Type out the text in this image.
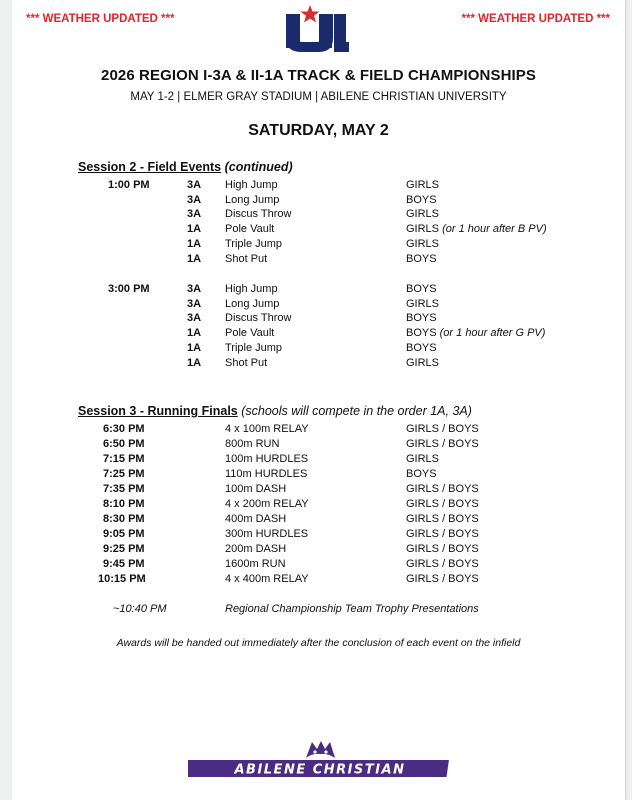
*** WEATHER UPDATED ***	*** WEATHER UPDATED ***
2026 REGION I-3A & II-1A TRACK & FIELD CHAMPIONSHIPS
MAY 1-2 | ELMER GRAY STADIUM | ABILENE CHRISTIAN UNIVERSITY
SATURDAY, MAY 2
Session 2 - Field Events (continued)
1:00 PM	3A High Jump	GIRLS
3A Long Jump	BOYS
3A Discus Throw	GIRLS
1A Pole Vault	GIRLS (or 1 hour after B PV)
1A Triple Jump	GIRLS
1A Shot Put	BOYS
3:00 PM	3A High Jump	BOYS
3A Long Jump	GIRLS
3A Discus Throw	BOYS
1A Pole Vault	BOYS (or 1 hour after G PV)
1A Triple Jump	BOYS
1A Shot Put	GIRLS
Session 3 - Running Finals (schools will compete in the order 1A, 3A)
6:30 PM	4 x 100m RELAY	GIRLS / BOYS
6:50 PM	800m RUN	GIRLS / BOYS
7:15 PM	100m HURDLES	GIRLS
7:25 PM	110m HURDLES	BOYS
7:35 PM	100m DASH	GIRLS / BOYS
8:10 PM	4 x 200m RELAY	GIRLS / BOYS
8:30 PM	400m DASH	GIRLS / BOYS
9:05 PM	300m HURDLES	GIRLS / BOYS
9:25 PM	200m DASH	GIRLS / BOYS
9:45 PM	1600m RUN	GIRLS / BOYS
10:15 PM	4 x 400m RELAY	GIRLS / BOYS
~10:40 PM	Regional Championship Team Trophy Presentations
Awards will be handed out immediately after the conclusion of each event on the infield
ABILENE CHRISTIAN
